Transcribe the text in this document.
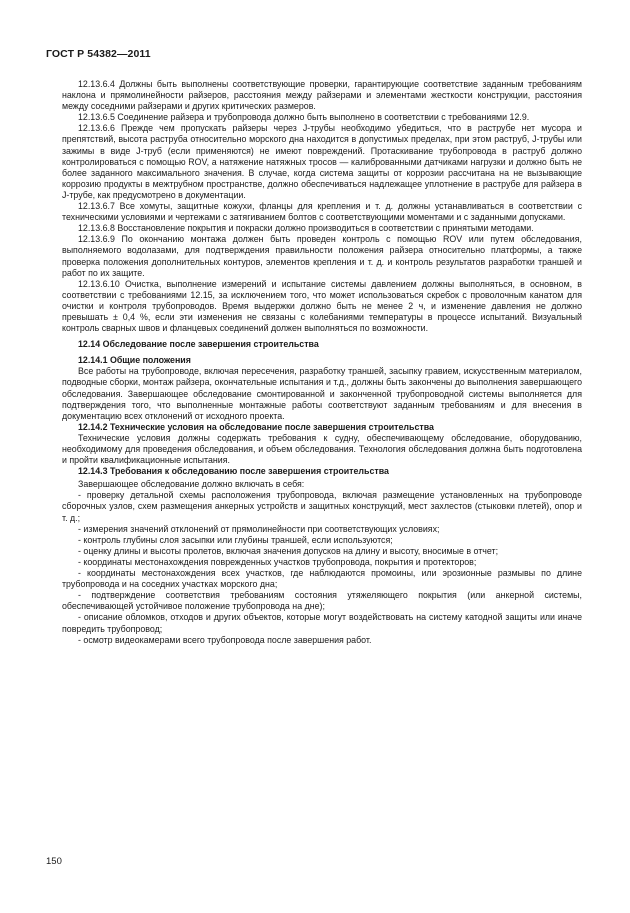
ГОСТ Р 54382—2011

12.13.6.4 Должны быть выполнены соответствующие проверки, гарантирующие соответствие заданным требованиям наклона и прямолинейности райзеров, расстояния между райзерами и элементами жесткости конструкции, расстояния между соседними райзерами и других критических размеров.

12.13.6.5 Соединение райзера и трубопровода должно быть выполнено в соответствии с требованиями 12.9.

12.13.6.6 Прежде чем пропускать райзеры через J-трубы необходимо убедиться, что в раструбе нет мусора и препятствий, высота раструба относительно морского дна находится в допустимых пределах, при этом раструб, J-трубы или зажимы в виде J-труб (если применяются) не имеют повреждений. Протаскивание трубопровода в раструб должно контролироваться с помощью ROV, а натяжение натяжных тросов — калиброванными датчиками нагрузки и должно быть не более заданного максимального значения. В случае, когда система защиты от коррозии рассчитана на не вызывающие коррозию продукты в межтрубном пространстве, должно обеспечиваться надлежащее уплотнение в раструбе для райзера в J-трубе, как предусмотрено в документации.

12.13.6.7 Все хомуты, защитные кожухи, фланцы для крепления и т. д. должны устанавливаться в соответствии с техническими условиями и чертежами с затягиванием болтов с соответствующими моментами и с заданными допусками.

12.13.6.8 Восстановление покрытия и покраски должно производиться в соответствии с принятыми методами.

12.13.6.9 По окончанию монтажа должен быть проведен контроль с помощью ROV или путем обследования, выполняемого водолазами, для подтверждения правильности положения райзера относительно платформы, а также проверка положения дополнительных контуров, элементов крепления и т. д. и контроль результатов разработки траншей и работ по их защите.

12.13.6.10 Очистка, выполнение измерений и испытание системы давлением должны выполняться, в основном, в соответствии с требованиями 12.15, за исключением того, что может использоваться скребок с проволочным канатом для очистки и контроля трубопроводов. Время выдержки должно быть не менее 2 ч, и изменение давления не должно превышать ± 0,4 %, если эти изменения не связаны с колебаниями температуры в процессе испытаний. Визуальный контроль сварных швов и фланцевых соединений должен выполняться по возможности.

12.14 Обследование после завершения строительства

12.14.1 Общие положения

Все работы на трубопроводе, включая пересечения, разработку траншей, засыпку гравием, искусственным материалом, подводные сборки, монтаж райзера, окончательные испытания и т.д., должны быть закончены до выполнения завершающего обследования. Завершающее обследование смонтированной и законченной трубопроводной системы выполняется для подтверждения того, что выполненные монтажные работы соответствуют заданным требованиям и для внесения в документацию всех отклонений от исходного проекта.

12.14.2 Технические условия на обследование после завершения строительства

Технические условия должны содержать требования к судну, обеспечивающему обследование, оборудованию, необходимому для проведения обследования, и объем обследования. Технология обследования должна быть подготовлена и пройти квалификационные испытания.

12.14.3 Требования к обследованию после завершения строительства

Завершающее обследование должно включать в себя:

- проверку детальной схемы расположения трубопровода, включая размещение установленных на трубопроводе сборочных узлов, схем размещения анкерных устройств и защитных конструкций, мест захлестов (стыковки плетей), опор и т. д.;

- измерения значений отклонений от прямолинейности при соответствующих условиях;

- контроль глубины слоя засыпки или глубины траншей, если используются;

- оценку длины и высоты пролетов, включая значения допусков на длину и высоту, вносимые в отчет;

- координаты местонахождения поврежденных участков трубопровода, покрытия и протекторов;

- координаты местонахождения всех участков, где наблюдаются промоины, или эрозионные размывы по длине трубопровода и на соседних участках морского дна;

- подтверждение соответствия требованиям состояния утяжеляющего покрытия (или анкерной системы, обеспечивающей устойчивое положение трубопровода на дне);

- описание обломков, отходов и других объектов, которые могут воздействовать на систему катодной защиты или иначе повредить трубопровод;

- осмотр видеокамерами всего трубопровода после завершения работ.

150
